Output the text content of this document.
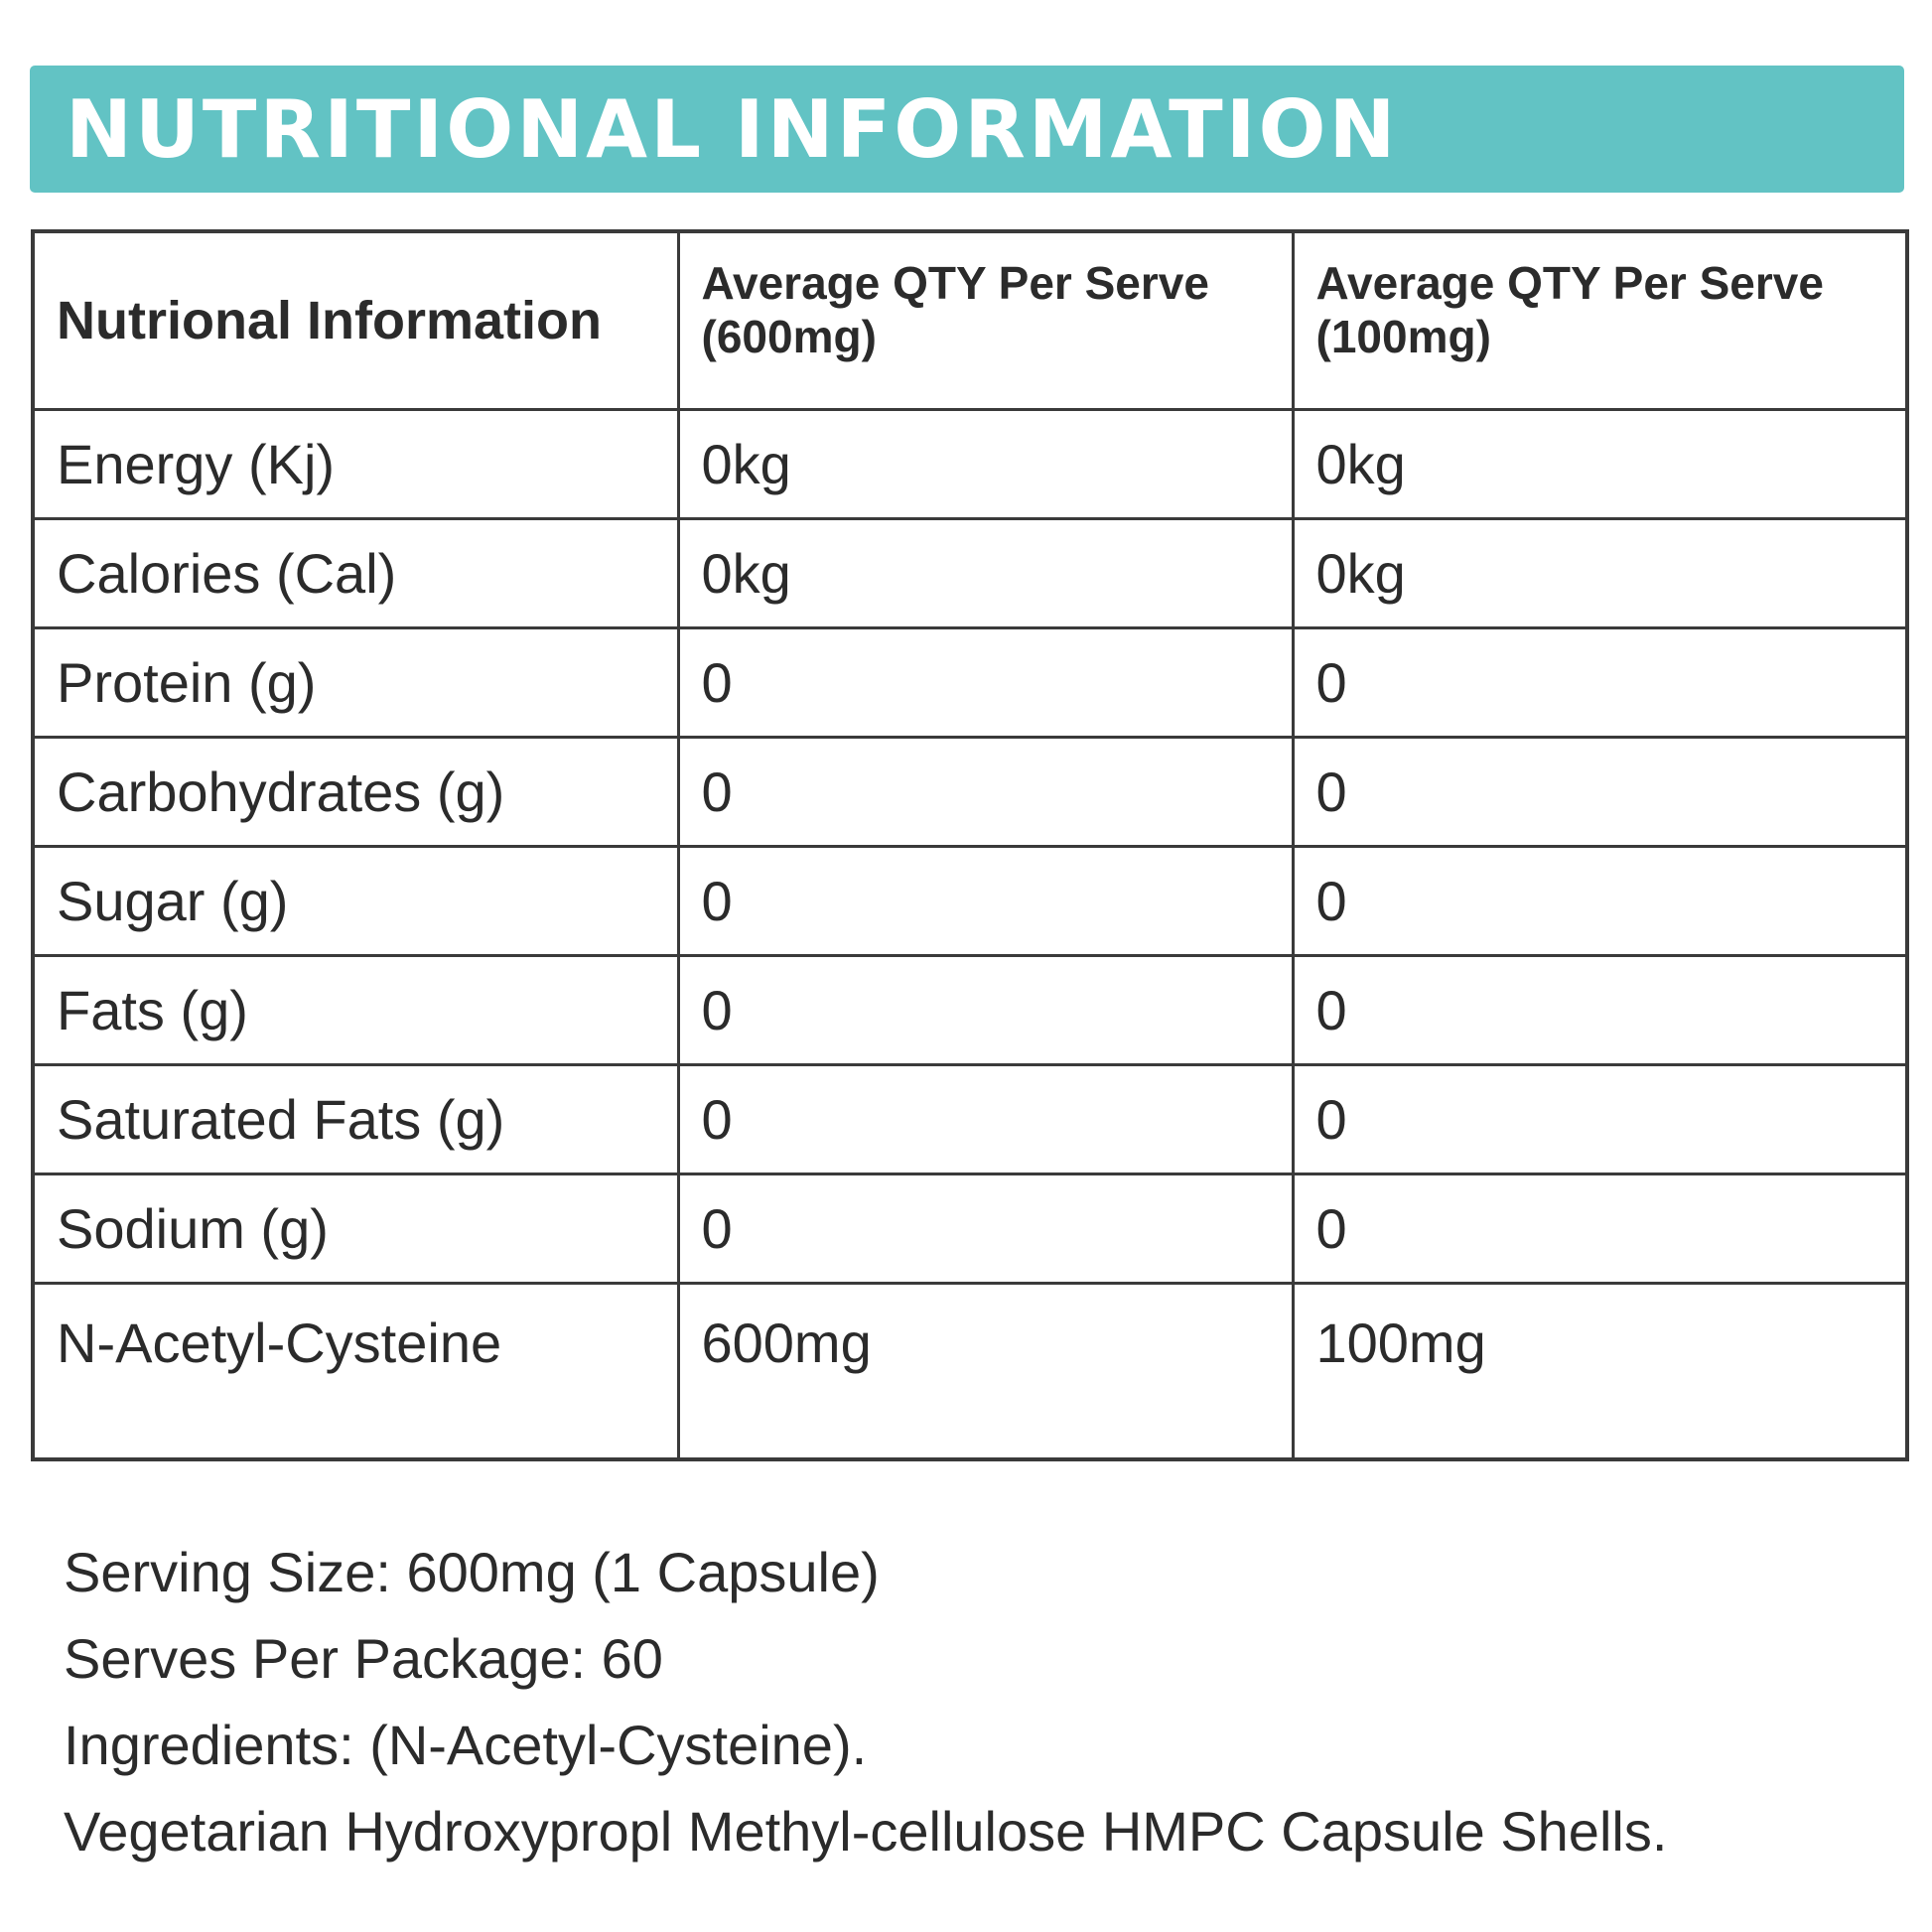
NUTRITIONAL INFORMATION
Nutrional Information	Average QTY Per Serve (600mg)	Average QTY Per Serve (100mg)
Energy (Kj)	0kg	0kg
Calories (Cal)	0kg	0kg
Protein (g)	0	0
Carbohydrates (g)	0	0
Sugar (g)	0	0
Fats (g)	0	0
Saturated Fats (g)	0	0
Sodium (g)	0	0
N-Acetyl-Cysteine	600mg	100mg
Serving Size: 600mg (1 Capsule)
Serves Per Package: 60
Ingredients: (N-Acetyl-Cysteine).
Vegetarian Hydroxypropl Methyl-cellulose HMPC Capsule Shells.
